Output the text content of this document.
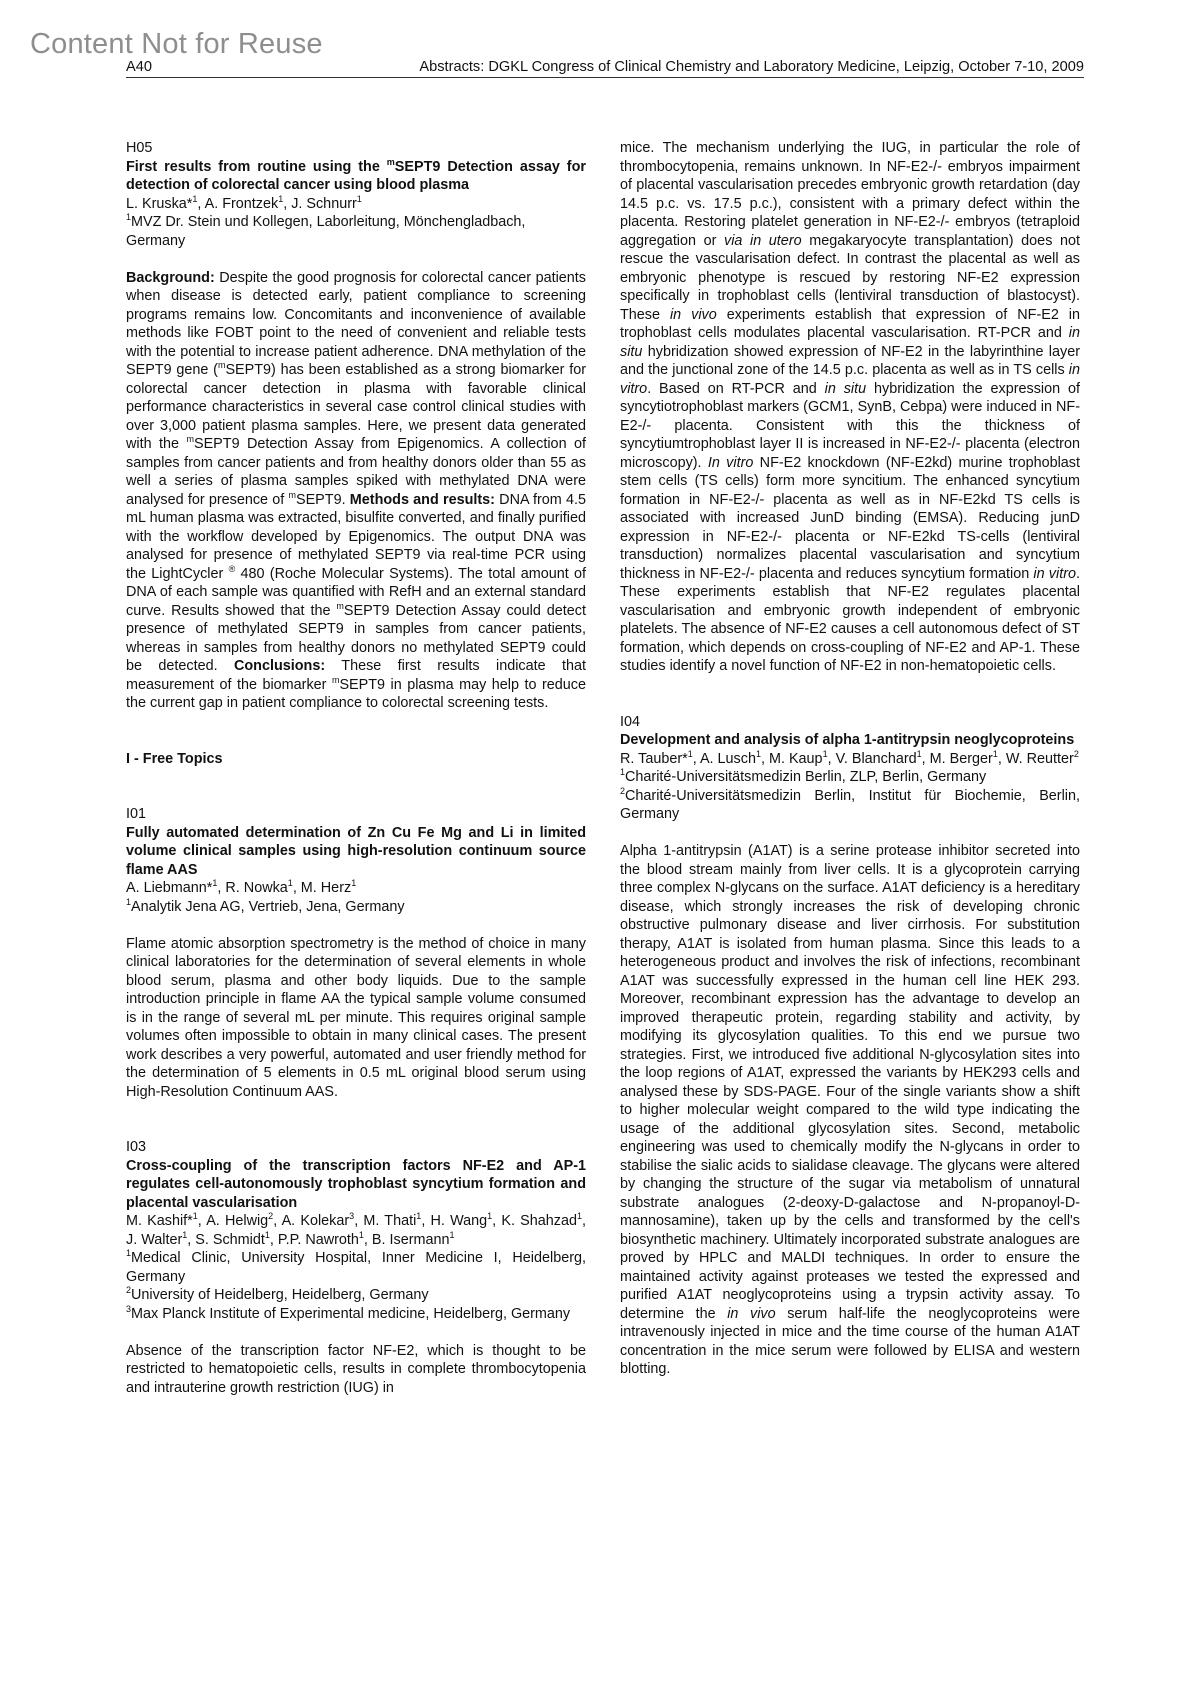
Content Not for Reuse
A40	Abstracts: DGKL Congress of Clinical Chemistry and Laboratory Medicine, Leipzig, October 7-10, 2009

H05

First results from routine using the $^m$SEPT9 Detection assay for detection of colorectal cancer using blood plasma

L. Kruska*$^1$, A. Frontzek$^1$, J. Schnurr$^1$

$^1$MVZ Dr. Stein und Kollegen, Laborleitung, Mönchengladbach, Germany

Background: Despite the good prognosis for colorectal cancer patients when disease is detected early, patient compliance to screening programs remains low. Concomitants and inconvenience of available methods like FOBT point to the need of convenient and reliable tests with the potential to increase patient adherence. DNA methylation of the SEPT9 gene ($^m$SEPT9) has been established as a strong biomarker for colorectal cancer detection in plasma with favorable clinical performance characteristics in several case control clinical studies with over 3,000 patient plasma samples. Here, we present data generated with the $^m$SEPT9 Detection Assay from Epigenomics. A collection of samples from cancer patients and from healthy donors older than 55 as well a series of plasma samples spiked with methylated DNA were analysed for presence of $^m$SEPT9. Methods and results: DNA from 4.5 mL human plasma was extracted, bisulfite converted, and finally purified with the workflow developed by Epigenomics. The output DNA was analysed for presence of methylated SEPT9 via real-time PCR using the LightCycler ® 480 (Roche Molecular Systems). The total amount of DNA of each sample was quantified with RefH and an external standard curve. Results showed that the $^m$SEPT9 Detection Assay could detect presence of methylated SEPT9 in samples from cancer patients, whereas in samples from healthy donors no methylated SEPT9 could be detected. Conclusions: These first results indicate that measurement of the biomarker $^m$SEPT9 in plasma may help to reduce the current gap in patient compliance to colorectal screening tests.

I - Free Topics

I01

Fully automated determination of Zn Cu Fe Mg and Li in limited volume clinical samples using high-resolution continuum source flame AAS

A. Liebmann*$^1$, R. Nowka$^1$, M. Herz$^1$

$^1$Analytik Jena AG, Vertrieb, Jena, Germany

Flame atomic absorption spectrometry is the method of choice in many clinical laboratories for the determination of several elements in whole blood serum, plasma and other body liquids. Due to the sample introduction principle in flame AA the typical sample volume consumed is in the range of several mL per minute. This requires original sample volumes often impossible to obtain in many clinical cases. The present work describes a very powerful, automated and user friendly method for the determination of 5 elements in 0.5 mL original blood serum using High-Resolution Continuum AAS.

I03

Cross-coupling of the transcription factors NF-E2 and AP-1 regulates cell-autonomously trophoblast syncytium formation and placental vascularisation

M. Kashif*$^1$, A. Helwig$^2$, A. Kolekar$^3$, M. Thati$^1$, H. Wang$^1$, K. Shahzad$^1$, J. Walter$^1$, S. Schmidt$^1$, P.P. Nawroth$^1$, B. Isermann$^1$

$^1$Medical Clinic, University Hospital, Inner Medicine I, Heidelberg, Germany

$^2$University of Heidelberg, Heidelberg, Germany

$^3$Max Planck Institute of Experimental medicine, Heidelberg, Germany

Absence of the transcription factor NF-E2, which is thought to be restricted to hematopoietic cells, results in complete thrombocytopenia and intrauterine growth restriction (IUG) in

mice. The mechanism underlying the IUG, in particular the role of thrombocytopenia, remains unknown. In NF-E2-/- embryos impairment of placental vascularisation precedes embryonic growth retardation (day 14.5 p.c. vs. 17.5 p.c.), consistent with a primary defect within the placenta. Restoring platelet generation in NF-E2-/- embryos (tetraploid aggregation or via in utero megakaryocyte transplantation) does not rescue the vascularisation defect. In contrast the placental as well as embryonic phenotype is rescued by restoring NF-E2 expression specifically in trophoblast cells (lentiviral transduction of blastocyst). These in vivo experiments establish that expression of NF-E2 in trophoblast cells modulates placental vascularisation. RT-PCR and in situ hybridization showed expression of NF-E2 in the labyrinthine layer and the junctional zone of the 14.5 p.c. placenta as well as in TS cells in vitro. Based on RT-PCR and in situ hybridization the expression of syncytiotrophoblast markers (GCM1, SynB, Cebpa) were induced in NF-E2-/- placenta. Consistent with this the thickness of syncytiumtrophoblast layer II is increased in NF-E2-/- placenta (electron microscopy). In vitro NF-E2 knockdown (NF-E2kd) murine trophoblast stem cells (TS cells) form more syncitium. The enhanced syncytium formation in NF-E2-/- placenta as well as in NF-E2kd TS cells is associated with increased JunD binding (EMSA). Reducing junD expression in NF-E2-/- placenta or NF-E2kd TS-cells (lentiviral transduction) normalizes placental vascularisation and syncytium thickness in NF-E2-/- placenta and reduces syncytium formation in vitro. These experiments establish that NF-E2 regulates placental vascularisation and embryonic growth independent of embryonic platelets. The absence of NF-E2 causes a cell autonomous defect of ST formation, which depends on cross-coupling of NF-E2 and AP-1. These studies identify a novel function of NF-E2 in non-hematopoietic cells.

I04

Development and analysis of alpha 1-antitrypsin neoglycoproteins

R. Tauber*$^1$, A. Lusch$^1$, M. Kaup$^1$, V. Blanchard$^1$, M. Berger$^1$, W. Reutter$^2$

$^1$Charité-Universitätsmedizin Berlin, ZLP, Berlin, Germany

$^2$Charité-Universitätsmedizin Berlin, Institut für Biochemie, Berlin, Germany

Alpha 1-antitrypsin (A1AT) is a serine protease inhibitor secreted into the blood stream mainly from liver cells. It is a glycoprotein carrying three complex N-glycans on the surface. A1AT deficiency is a hereditary disease, which strongly increases the risk of developing chronic obstructive pulmonary disease and liver cirrhosis. For substitution therapy, A1AT is isolated from human plasma. Since this leads to a heterogeneous product and involves the risk of infections, recombinant A1AT was successfully expressed in the human cell line HEK 293. Moreover, recombinant expression has the advantage to develop an improved therapeutic protein, regarding stability and activity, by modifying its glycosylation qualities. To this end we pursue two strategies. First, we introduced five additional N-glycosylation sites into the loop regions of A1AT, expressed the variants by HEK293 cells and analysed these by SDS-PAGE. Four of the single variants show a shift to higher molecular weight compared to the wild type indicating the usage of the additional glycosylation sites. Second, metabolic engineering was used to chemically modify the N-glycans in order to stabilise the sialic acids to sialidase cleavage. The glycans were altered by changing the structure of the sugar via metabolism of unnatural substrate analogues (2-deoxy-D-galactose and N-propanoyl-D-mannosamine), taken up by the cells and transformed by the cell's biosynthetic machinery. Ultimately incorporated substrate analogues are proved by HPLC and MALDI techniques. In order to ensure the maintained activity against proteases we tested the expressed and purified A1AT neoglycoproteins using a trypsin activity assay. To determine the in vivo serum half-life the neoglycoproteins were intravenously injected in mice and the time course of the human A1AT concentration in the mice serum were followed by ELISA and western blotting.
